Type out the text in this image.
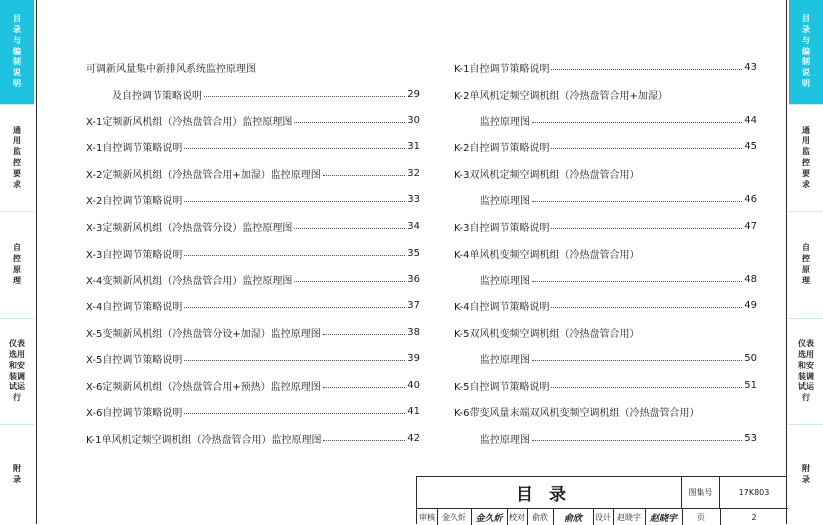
目
录
与
编
制
说
明
通
用
监
控
要
求
自
控
原
理
仪表
选用
和安
装调
试运
行
附
录
目
录
与
编
制
说
明
通
用
监
控
要
求
自
控
原
理
仪表
选用
和安
装调
试运
行
附
录
可调新风量集中新排风系统监控原理图
及自控调节策略说明	29
X-1定频新风机组（冷热盘管合用）监控原理图	30
X-1自控调节策略说明	31
X-2定频新风机组（冷热盘管合用+加湿）监控原理图	32
X-2自控调节策略说明	33
X-3定频新风机组（冷热盘管分设）监控原理图	34
X-3自控调节策略说明	35
X-4变频新风机组（冷热盘管合用）监控原理图	36
X-4自控调节策略说明	37
X-5变频新风机组（冷热盘管分设+加湿）监控原理图	38
X-5自控调节策略说明	39
X-6定频新风机组（冷热盘管合用+预热）监控原理图	40
X-6自控调节策略说明	41
K-1单风机定频空调机组（冷热盘管合用）监控原理图	42
K-1自控调节策略说明	43
K-2单风机定频空调机组（冷热盘管合用+加湿）
监控原理图	44
K-2自控调节策略说明	45
K-3双风机定频空调机组（冷热盘管合用）
监控原理图	46
K-3自控调节策略说明	47
K-4单风机变频空调机组（冷热盘管合用）
监控原理图	48
K-4自控调节策略说明	49
K-5双风机变频空调机组（冷热盘管合用）
监控原理图	50
K-5自控调节策略说明	51
K-6带变风量末端双风机变频空调机组（冷热盘管合用）
监控原理图	53
目录	图集号	17K803
审核 金久炘	金久炘 校对 俞欣	俞欣	设计 赵晓宇 赵晓宇	页	2
